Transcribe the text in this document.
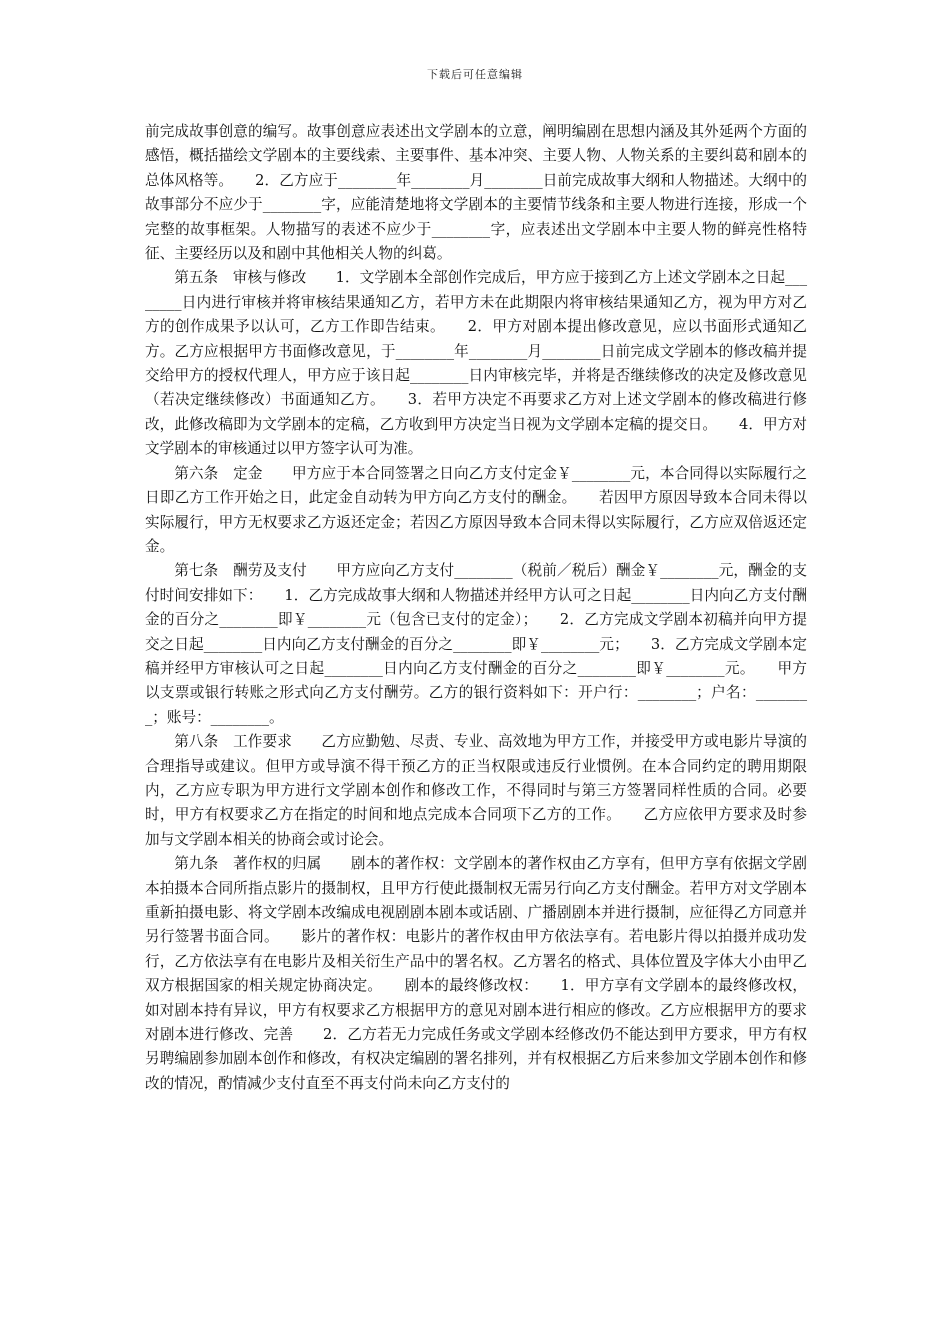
下载后可任意编辑

前完成故事创意的编写。故事创意应表述出文学剧本的立意，阐明编剧在思想内涵及其外延两个方面的感悟，概括描绘文学剧本的主要线索、主要事件、基本冲突、主要人物、人物关系的主要纠葛和剧本的总体风格等。　　2．乙方应于________年________月________日前完成故事大纲和人物描述。大纲中的故事部分不应少于________字，应能清楚地将文学剧本的主要情节线条和主要人物进行连接，形成一个完整的故事框架。人物描写的表述不应少于________字，应表述出文学剧本中主要人物的鲜亮性格特征、主要经历以及和剧中其他相关人物的纠葛。

第五条　审核与修改　　1．文学剧本全部创作完成后，甲方应于接到乙方上述文学剧本之日起________日内进行审核并将审核结果通知乙方，若甲方未在此期限内将审核结果通知乙方，视为甲方对乙方的创作成果予以认可，乙方工作即告结束。　　2．甲方对剧本提出修改意见，应以书面形式通知乙方。乙方应根据甲方书面修改意见，于________年________月________日前完成文学剧本的修改稿并提交给甲方的授权代理人，甲方应于该日起________日内审核完毕，并将是否继续修改的决定及修改意见（若决定继续修改）书面通知乙方。　　3．若甲方决定不再要求乙方对上述文学剧本的修改稿进行修改，此修改稿即为文学剧本的定稿，乙方收到甲方决定当日视为文学剧本定稿的提交日。　　4．甲方对文学剧本的审核通过以甲方签字认可为准。

第六条　定金　　甲方应于本合同签署之日向乙方支付定金￥________元，本合同得以实际履行之日即乙方工作开始之日，此定金自动转为甲方向乙方支付的酬金。　　若因甲方原因导致本合同未得以实际履行，甲方无权要求乙方返还定金；若因乙方原因导致本合同未得以实际履行，乙方应双倍返还定金。

第七条　酬劳及支付　　甲方应向乙方支付________（税前／税后）酬金￥________元，酬金的支付时间安排如下：　　1．乙方完成故事大纲和人物描述并经甲方认可之日起________日内向乙方支付酬金的百分之________即￥________元（包含已支付的定金）；　　2．乙方完成文学剧本初稿并向甲方提交之日起________日内向乙方支付酬金的百分之________即￥________元；　　3．乙方完成文学剧本定稿并经甲方审核认可之日起________日内向乙方支付酬金的百分之________即￥________元。　　甲方以支票或银行转账之形式向乙方支付酬劳。乙方的银行资料如下：开户行：________；户名：________；账号：________。

第八条　工作要求　　乙方应勤勉、尽责、专业、高效地为甲方工作，并接受甲方或电影片导演的合理指导或建议。但甲方或导演不得干预乙方的正当权限或违反行业惯例。在本合同约定的聘用期限内，乙方应专职为甲方进行文学剧本创作和修改工作，不得同时与第三方签署同样性质的合同。必要时，甲方有权要求乙方在指定的时间和地点完成本合同项下乙方的工作。　　乙方应依甲方要求及时参加与文学剧本相关的协商会或讨论会。

第九条　著作权的归属　　剧本的著作权：文学剧本的著作权由乙方享有，但甲方享有依据文学剧本拍摄本合同所指点影片的摄制权，且甲方行使此摄制权无需另行向乙方支付酬金。若甲方对文学剧本重新拍摄电影、将文学剧本改编成电视剧剧本剧本或话剧、广播剧剧本并进行摄制，应征得乙方同意并另行签署书面合同。　　影片的著作权：电影片的著作权由甲方依法享有。若电影片得以拍摄并成功发行，乙方依法享有在电影片及相关衍生产品中的署名权。乙方署名的格式、具体位置及字体大小由甲乙双方根据国家的相关规定协商决定。　　剧本的最终修改权：　　1．甲方享有文学剧本的最终修改权，如对剧本持有异议，甲方有权要求乙方根据甲方的意见对剧本进行相应的修改。乙方应根据甲方的要求对剧本进行修改、完善　　2．乙方若无力完成任务或文学剧本经修改仍不能达到甲方要求，甲方有权另聘编剧参加剧本创作和修改，有权决定编剧的署名排列，并有权根据乙方后来参加文学剧本创作和修改的情况，酌情减少支付直至不再支付尚未向乙方支付的
